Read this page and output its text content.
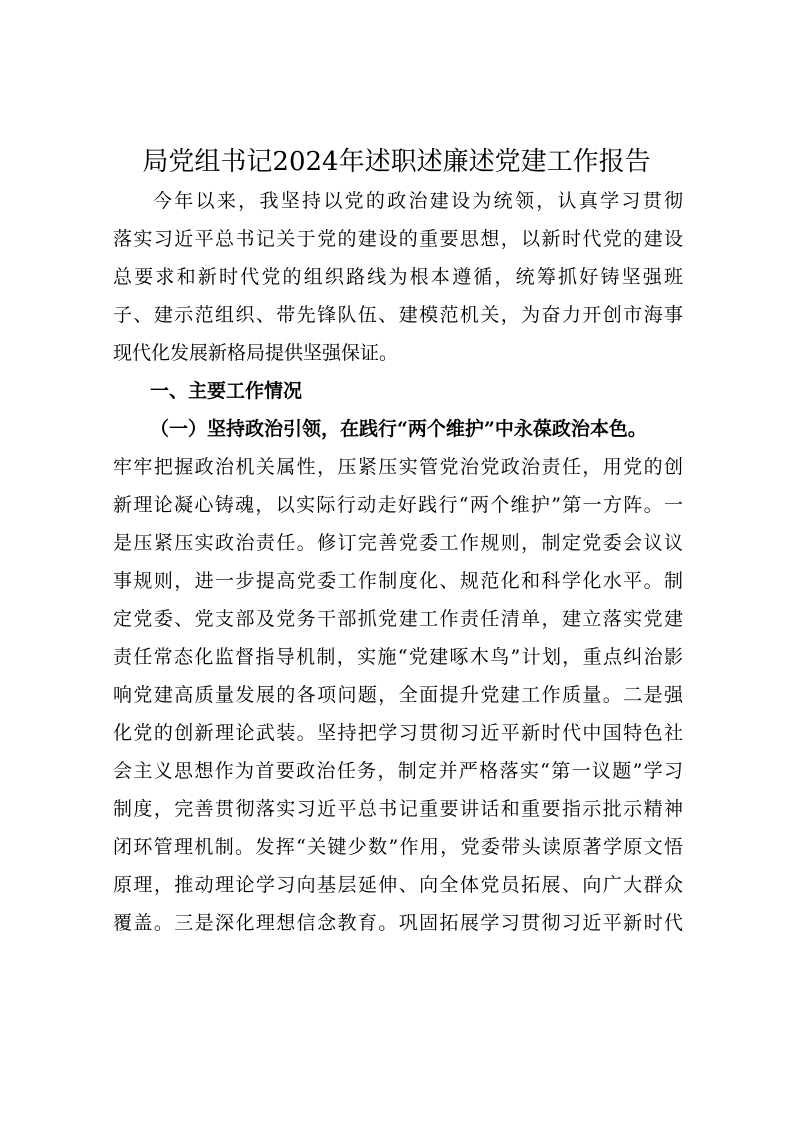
局党组书记2024年述职述廉述党建工作报告
今年以来，我坚持以党的政治建设为统领，认真学习贯彻
落实习近平总书记关于党的建设的重要思想，以新时代党的建设
总要求和新时代党的组织路线为根本遵循，统筹抓好铸坚强班
子、建示范组织、带先锋队伍、建模范机关，为奋力开创市海事
现代化发展新格局提供坚强保证。
一、主要工作情况
（一）坚持政治引领，在践行“两个维护”中永葆政治本色。
牢牢把握政治机关属性，压紧压实管党治党政治责任，用党的创
新理论凝心铸魂，以实际行动走好践行“两个维护”第一方阵。一
是压紧压实政治责任。修订完善党委工作规则，制定党委会议议
事规则，进一步提高党委工作制度化、规范化和科学化水平。制
定党委、党支部及党务干部抓党建工作责任清单，建立落实党建
责任常态化监督指导机制，实施“党建啄木鸟”计划，重点纠治影
响党建高质量发展的各项问题，全面提升党建工作质量。二是强
化党的创新理论武装。坚持把学习贯彻习近平新时代中国特色社
会主义思想作为首要政治任务，制定并严格落实“第一议题”学习
制度，完善贯彻落实习近平总书记重要讲话和重要指示批示精神
闭环管理机制。发挥“关键少数”作用，党委带头读原著学原文悟
原理，推动理论学习向基层延伸、向全体党员拓展、向广大群众
覆盖。三是深化理想信念教育。巩固拓展学习贯彻习近平新时代
